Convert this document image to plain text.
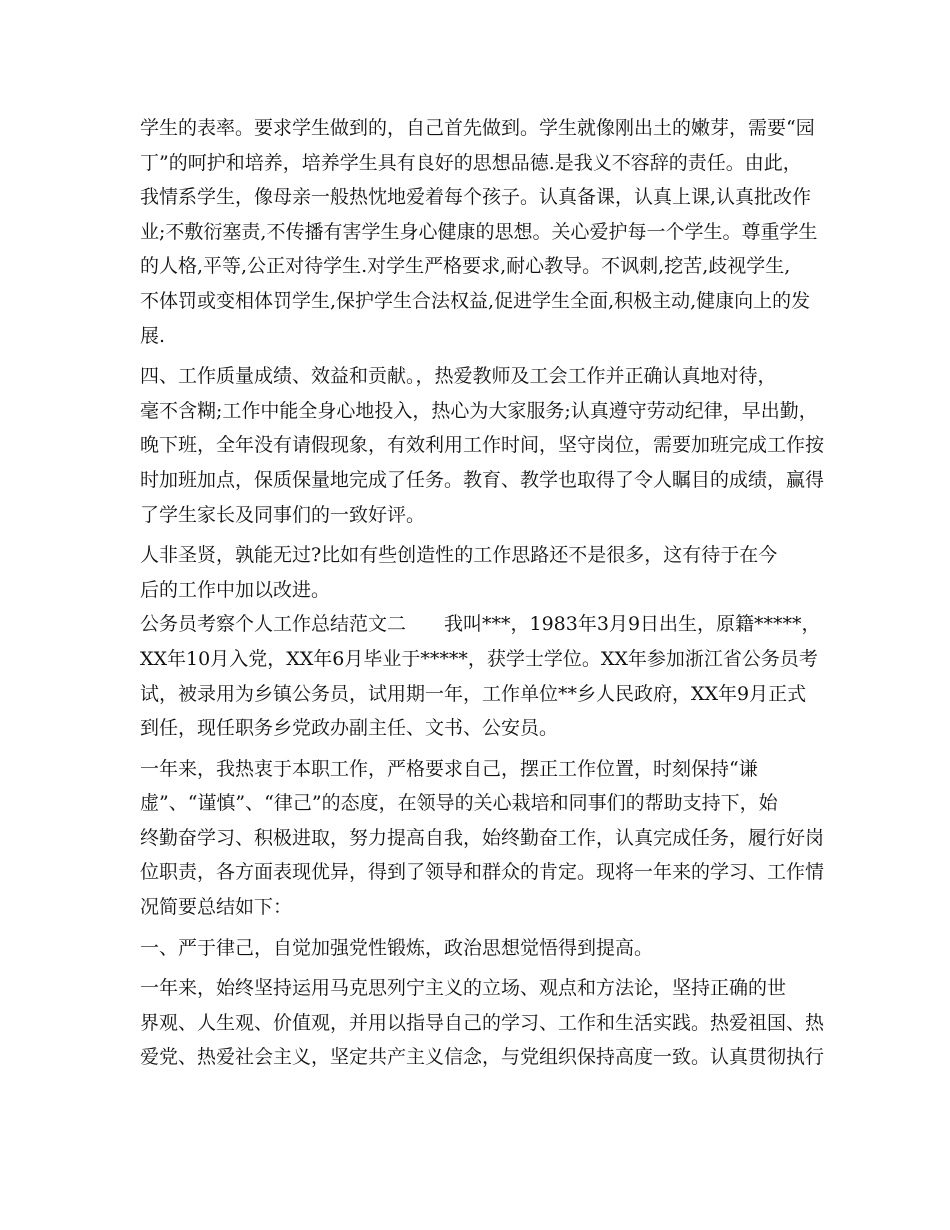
学生的表率。要求学生做到的，自己首先做到。学生就像刚出土的嫩芽，需要“园
丁”的呵护和培养，培养学生具有良好的思想品德.是我义不容辞的责任。由此，
我情系学生，像母亲一般热忱地爱着每个孩子。认真备课，认真上课,认真批改作
业;不敷衍塞责,不传播有害学生身心健康的思想。关心爱护每一个学生。尊重学生
的人格,平等,公正对待学生.对学生严格要求,耐心教导。不讽刺,挖苦,歧视学生,
不体罚或变相体罚学生,保护学生合法权益,促进学生全面,积极主动,健康向上的发
展.
四、工作质量成绩、效益和贡献。，热爱教师及工会工作并正确认真地对待，
毫不含糊;工作中能全身心地投入，热心为大家服务;认真遵守劳动纪律，早出勤，
晚下班，全年没有请假现象，有效利用工作时间，坚守岗位，需要加班完成工作按
时加班加点，保质保量地完成了任务。教育、教学也取得了令人瞩目的成绩，赢得
了学生家长及同事们的一致好评。
人非圣贤，孰能无过?比如有些创造性的工作思路还不是很多，这有待于在今
后的工作中加以改进。
公务员考察个人工作总结范文二　　我叫***，1983年3月9日出生，原籍*****，
XX年10月入党，XX年6月毕业于*****，获学士学位。XX年参加浙江省公务员考
试，被录用为乡镇公务员，试用期一年，工作单位**乡人民政府，XX年9月正式
到任，现任职务乡党政办副主任、文书、公安员。
一年来，我热衷于本职工作，严格要求自己，摆正工作位置，时刻保持“谦
虚”、“谨慎”、“律己”的态度，在领导的关心栽培和同事们的帮助支持下，始
终勤奋学习、积极进取，努力提高自我，始终勤奋工作，认真完成任务，履行好岗
位职责，各方面表现优异，得到了领导和群众的肯定。现将一年来的学习、工作情
况简要总结如下：
一、严于律己，自觉加强党性锻炼，政治思想觉悟得到提高。
一年来，始终坚持运用马克思列宁主义的立场、观点和方法论，坚持正确的世
界观、人生观、价值观，并用以指导自己的学习、工作和生活实践。热爱祖国、热
爱党、热爱社会主义，坚定共产主义信念，与党组织保持高度一致。认真贯彻执行
